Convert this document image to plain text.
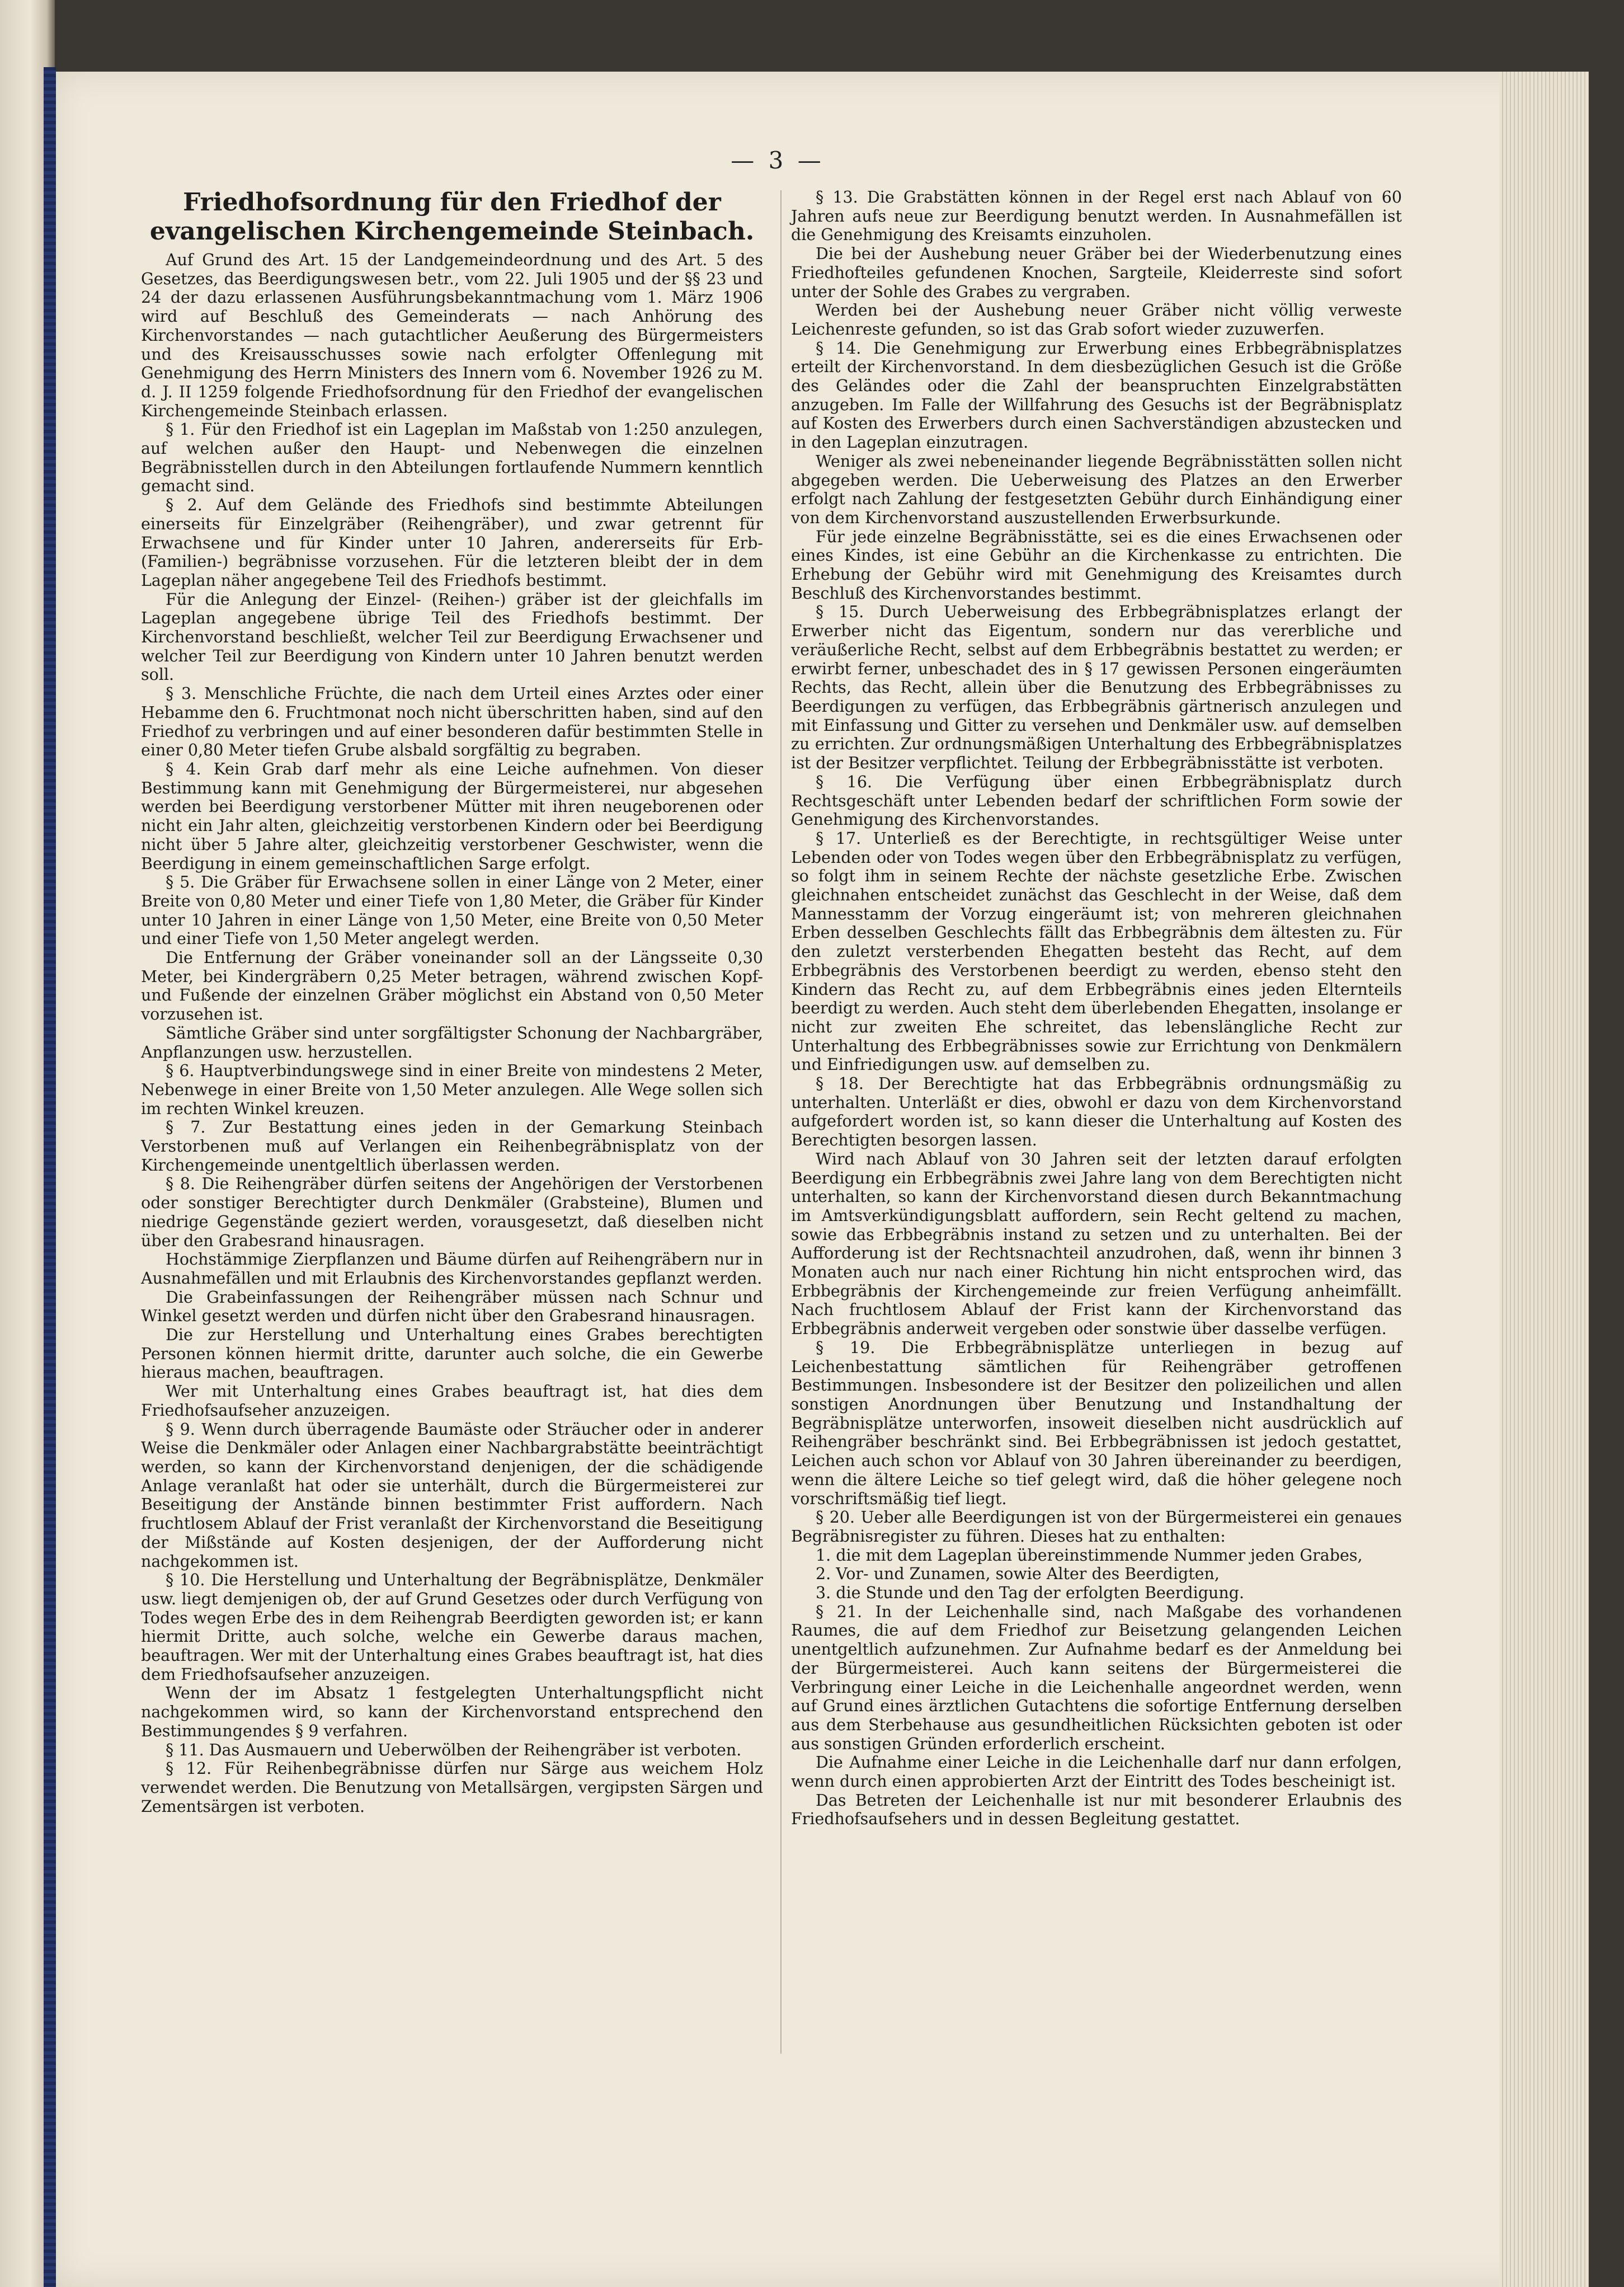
— 3 —
Friedhofsordnung für den Friedhof der evangelischen Kirchengemeinde Steinbach.

Auf Grund des Art. 15 der Landgemeindeordnung und des Art. 5 des Gesetzes, das Beerdigungswesen betr., vom 22. Juli 1905 und der §§ 23 und 24 der dazu erlassenen Ausführungsbekanntmachung vom 1. März 1906 wird auf Beschluß des Gemeinderats — nach Anhörung des Kirchenvorstandes — nach gutachtlicher Aeußerung des Bürgermeisters und des Kreisausschusses sowie nach erfolgter Offenlegung mit Genehmigung des Herrn Ministers des Innern vom 6. November 1926 zu M. d. J. II 1259 folgende Friedhofsordnung für den Friedhof der evangelischen Kirchengemeinde Steinbach erlassen.

§ 1. Für den Friedhof ist ein Lageplan im Maßstab von 1:250 anzulegen, auf welchen außer den Haupt- und Nebenwegen die einzelnen Begräbnisstellen durch in den Abteilungen fortlaufende Nummern kenntlich gemacht sind.

§ 2. Auf dem Gelände des Friedhofs sind bestimmte Abteilungen einerseits für Einzelgräber (Reihengräber), und zwar getrennt für Erwachsene und für Kinder unter 10 Jahren, andererseits für Erb- (Familien-) begräbnisse vorzusehen. Für die letzteren bleibt der in dem Lageplan näher angegebene Teil des Friedhofs bestimmt.

Für die Anlegung der Einzel- (Reihen-) gräber ist der gleichfalls im Lageplan angegebene übrige Teil des Friedhofs bestimmt. Der Kirchenvorstand beschließt, welcher Teil zur Beerdigung Erwachsener und welcher Teil zur Beerdigung von Kindern unter 10 Jahren benutzt werden soll.

§ 3. Menschliche Früchte, die nach dem Urteil eines Arztes oder einer Hebamme den 6. Fruchtmonat noch nicht überschritten haben, sind auf den Friedhof zu verbringen und auf einer besonderen dafür bestimmten Stelle in einer 0,80 Meter tiefen Grube alsbald sorgfältig zu begraben.

§ 4. Kein Grab darf mehr als eine Leiche aufnehmen. Von dieser Bestimmung kann mit Genehmigung der Bürgermeisterei, nur abgesehen werden bei Beerdigung verstorbener Mütter mit ihren neugeborenen oder nicht ein Jahr alten, gleichzeitig verstorbenen Kindern oder bei Beerdigung nicht über 5 Jahre alter, gleichzeitig verstorbener Geschwister, wenn die Beerdigung in einem gemeinschaftlichen Sarge erfolgt.

§ 5. Die Gräber für Erwachsene sollen in einer Länge von 2 Meter, einer Breite von 0,80 Meter und einer Tiefe von 1,80 Meter, die Gräber für Kinder unter 10 Jahren in einer Länge von 1,50 Meter, eine Breite von 0,50 Meter und einer Tiefe von 1,50 Meter angelegt werden.

Die Entfernung der Gräber voneinander soll an der Längsseite 0,30 Meter, bei Kindergräbern 0,25 Meter betragen, während zwischen Kopf- und Fußende der einzelnen Gräber möglichst ein Abstand von 0,50 Meter vorzusehen ist.

Sämtliche Gräber sind unter sorgfältigster Schonung der Nachbargräber, Anpflanzungen usw. herzustellen.

§ 6. Hauptverbindungswege sind in einer Breite von mindestens 2 Meter, Nebenwege in einer Breite von 1,50 Meter anzulegen. Alle Wege sollen sich im rechten Winkel kreuzen.

§ 7. Zur Bestattung eines jeden in der Gemarkung Steinbach Verstorbenen muß auf Verlangen ein Reihenbegräbnisplatz von der Kirchengemeinde unentgeltlich überlassen werden.

§ 8. Die Reihengräber dürfen seitens der Angehörigen der Verstorbenen oder sonstiger Berechtigter durch Denkmäler (Grabsteine), Blumen und niedrige Gegenstände geziert werden, vorausgesetzt, daß dieselben nicht über den Grabesrand hinausragen.

Hochstämmige Zierpflanzen und Bäume dürfen auf Reihengräbern nur in Ausnahmefällen und mit Erlaubnis des Kirchenvorstandes gepflanzt werden.

Die Grabeinfassungen der Reihengräber müssen nach Schnur und Winkel gesetzt werden und dürfen nicht über den Grabesrand hinausragen.

Die zur Herstellung und Unterhaltung eines Grabes berechtigten Personen können hiermit dritte, darunter auch solche, die ein Gewerbe hieraus machen, beauftragen.

Wer mit Unterhaltung eines Grabes beauftragt ist, hat dies dem Friedhofsaufseher anzuzeigen.

§ 9. Wenn durch überragende Baumäste oder Sträucher oder in anderer Weise die Denkmäler oder Anlagen einer Nachbargrabstätte beeinträchtigt werden, so kann der Kirchenvorstand denjenigen, der die schädigende Anlage veranlaßt hat oder sie unterhält, durch die Bürgermeisterei zur Beseitigung der Anstände binnen bestimmter Frist auffordern. Nach fruchtlosem Ablauf der Frist veranlaßt der Kirchenvorstand die Beseitigung der Mißstände auf Kosten desjenigen, der der Aufforderung nicht nachgekommen ist.

§ 10. Die Herstellung und Unterhaltung der Begräbnisplätze, Denkmäler usw. liegt demjenigen ob, der auf Grund Gesetzes oder durch Verfügung von Todes wegen Erbe des in dem Reihengrab Beerdigten geworden ist; er kann hiermit Dritte, auch solche, welche ein Gewerbe daraus machen, beauftragen. Wer mit der Unterhaltung eines Grabes beauftragt ist, hat dies dem Friedhofsaufseher anzuzeigen.

Wenn der im Absatz 1 festgelegten Unterhaltungspflicht nicht nachgekommen wird, so kann der Kirchenvorstand entsprechend den Bestimmungendes § 9 verfahren.

§ 11. Das Ausmauern und Ueberwölben der Reihengräber ist verboten.

§ 12. Für Reihenbegräbnisse dürfen nur Särge aus weichem Holz verwendet werden. Die Benutzung von Metallsärgen, vergipsten Särgen und Zementsärgen ist verboten.

§ 13. Die Grabstätten können in der Regel erst nach Ablauf von 60 Jahren aufs neue zur Beerdigung benutzt werden. In Ausnahmefällen ist die Genehmigung des Kreisamts einzuholen.

Die bei der Aushebung neuer Gräber bei der Wiederbenutzung eines Friedhofteiles gefundenen Knochen, Sargteile, Kleiderreste sind sofort unter der Sohle des Grabes zu vergraben.

Werden bei der Aushebung neuer Gräber nicht völlig verweste Leichenreste gefunden, so ist das Grab sofort wieder zuzuwerfen.

§ 14. Die Genehmigung zur Erwerbung eines Erbbegräbnisplatzes erteilt der Kirchenvorstand. In dem diesbezüglichen Gesuch ist die Größe des Geländes oder die Zahl der beanspruchten Einzelgrabstätten anzugeben. Im Falle der Willfahrung des Gesuchs ist der Begräbnisplatz auf Kosten des Erwerbers durch einen Sachverständigen abzustecken und in den Lageplan einzutragen.

Weniger als zwei nebeneinander liegende Begräbnisstätten sollen nicht abgegeben werden. Die Ueberweisung des Platzes an den Erwerber erfolgt nach Zahlung der festgesetzten Gebühr durch Einhändigung einer von dem Kirchenvorstand auszustellenden Erwerbsurkunde.

Für jede einzelne Begräbnisstätte, sei es die eines Erwachsenen oder eines Kindes, ist eine Gebühr an die Kirchenkasse zu entrichten. Die Erhebung der Gebühr wird mit Genehmigung des Kreisamtes durch Beschluß des Kirchenvorstandes bestimmt.

§ 15. Durch Ueberweisung des Erbbegräbnisplatzes erlangt der Erwerber nicht das Eigentum, sondern nur das vererbliche und veräußerliche Recht, selbst auf dem Erbbegräbnis bestattet zu werden; er erwirbt ferner, unbeschadet des in § 17 gewissen Personen eingeräumten Rechts, das Recht, allein über die Benutzung des Erbbegräbnisses zu Beerdigungen zu verfügen, das Erbbegräbnis gärtnerisch anzulegen und mit Einfassung und Gitter zu versehen und Denkmäler usw. auf demselben zu errichten. Zur ordnungsmäßigen Unterhaltung des Erbbegräbnisplatzes ist der Besitzer verpflichtet. Teilung der Erbbegräbnisstätte ist verboten.

§ 16. Die Verfügung über einen Erbbegräbnisplatz durch Rechtsgeschäft unter Lebenden bedarf der schriftlichen Form sowie der Genehmigung des Kirchenvorstandes.

§ 17. Unterließ es der Berechtigte, in rechtsgültiger Weise unter Lebenden oder von Todes wegen über den Erbbegräbnisplatz zu verfügen, so folgt ihm in seinem Rechte der nächste gesetzliche Erbe. Zwischen gleichnahen entscheidet zunächst das Geschlecht in der Weise, daß dem Mannesstamm der Vorzug eingeräumt ist; von mehreren gleichnahen Erben desselben Geschlechts fällt das Erbbegräbnis dem ältesten zu. Für den zuletzt versterbenden Ehegatten besteht das Recht, auf dem Erbbegräbnis des Verstorbenen beerdigt zu werden, ebenso steht den Kindern das Recht zu, auf dem Erbbegräbnis eines jeden Elternteils beerdigt zu werden. Auch steht dem überlebenden Ehegatten, insolange er nicht zur zweiten Ehe schreitet, das lebenslängliche Recht zur Unterhaltung des Erbbegräbnisses sowie zur Errichtung von Denkmälern und Einfriedigungen usw. auf demselben zu.

§ 18. Der Berechtigte hat das Erbbegräbnis ordnungsmäßig zu unterhalten. Unterläßt er dies, obwohl er dazu von dem Kirchenvorstand aufgefordert worden ist, so kann dieser die Unterhaltung auf Kosten des Berechtigten besorgen lassen.

Wird nach Ablauf von 30 Jahren seit der letzten darauf erfolgten Beerdigung ein Erbbegräbnis zwei Jahre lang von dem Berechtigten nicht unterhalten, so kann der Kirchenvorstand diesen durch Bekanntmachung im Amtsverkündigungsblatt auffordern, sein Recht geltend zu machen, sowie das Erbbegräbnis instand zu setzen und zu unterhalten. Bei der Aufforderung ist der Rechtsnachteil anzudrohen, daß, wenn ihr binnen 3 Monaten auch nur nach einer Richtung hin nicht entsprochen wird, das Erbbegräbnis der Kirchengemeinde zur freien Verfügung anheimfällt. Nach fruchtlosem Ablauf der Frist kann der Kirchenvorstand das Erbbegräbnis anderweit vergeben oder sonstwie über dasselbe verfügen.

§ 19. Die Erbbegräbnisplätze unterliegen in bezug auf Leichenbestattung sämtlichen für Reihengräber getroffenen Bestimmungen. Insbesondere ist der Besitzer den polizeilichen und allen sonstigen Anordnungen über Benutzung und Instandhaltung der Begräbnisplätze unterworfen, insoweit dieselben nicht ausdrücklich auf Reihengräber beschränkt sind. Bei Erbbegräbnissen ist jedoch gestattet, Leichen auch schon vor Ablauf von 30 Jahren übereinander zu beerdigen, wenn die ältere Leiche so tief gelegt wird, daß die höher gelegene noch vorschriftsmäßig tief liegt.

§ 20. Ueber alle Beerdigungen ist von der Bürgermeisterei ein genaues Begräbnisregister zu führen. Dieses hat zu enthalten:

1. die mit dem Lageplan übereinstimmende Nummer jeden Grabes,

2. Vor- und Zunamen, sowie Alter des Beerdigten,

3. die Stunde und den Tag der erfolgten Beerdigung.

§ 21. In der Leichenhalle sind, nach Maßgabe des vorhandenen Raumes, die auf dem Friedhof zur Beisetzung gelangenden Leichen unentgeltlich aufzunehmen. Zur Aufnahme bedarf es der Anmeldung bei der Bürgermeisterei. Auch kann seitens der Bürgermeisterei die Verbringung einer Leiche in die Leichenhalle angeordnet werden, wenn auf Grund eines ärztlichen Gutachtens die sofortige Entfernung derselben aus dem Sterbehause aus gesundheitlichen Rücksichten geboten ist oder aus sonstigen Gründen erforderlich erscheint.

Die Aufnahme einer Leiche in die Leichenhalle darf nur dann erfolgen, wenn durch einen approbierten Arzt der Eintritt des Todes bescheinigt ist.

Das Betreten der Leichenhalle ist nur mit besonderer Erlaubnis des Friedhofsaufsehers und in dessen Begleitung gestattet.
